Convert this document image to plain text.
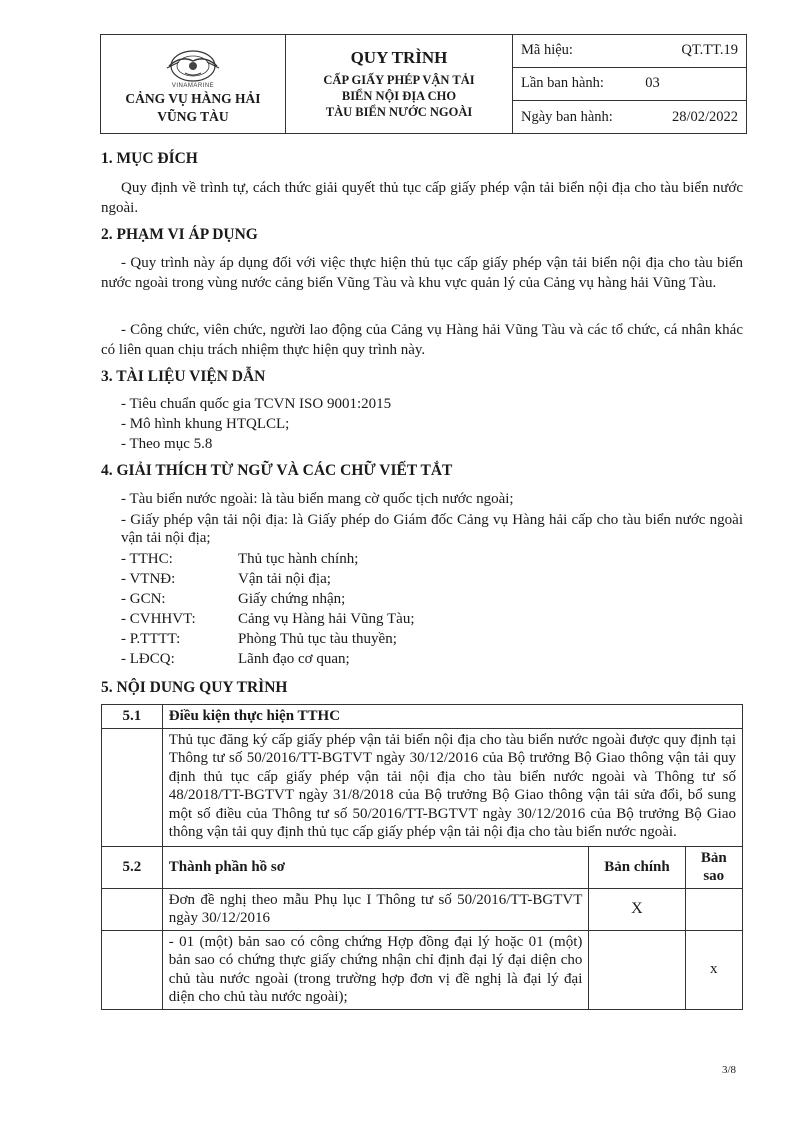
VINAMARINE
CẢNG VỤ HÀNG HẢI
VŨNG TÀU

QUY TRÌNH
CẤP GIẤY PHÉP VẬN TẢI
BIỂN NỘI ĐỊA CHO
TÀU BIỂN NƯỚC NGOÀI

Mã hiệu:	QT.TT.19
Lần ban hành:	03
Ngày ban hành:	28/02/2022
1. MỤC ĐÍCH
Quy định về trình tự, cách thức giải quyết thủ tục cấp giấy phép vận tải biển nội địa cho tàu biển nước ngoài.
2. PHẠM VI ÁP DỤNG
- Quy trình này áp dụng đối với việc thực hiện thủ tục cấp giấy phép vận tải biển nội địa cho tàu biển nước ngoài trong vùng nước cảng biển Vũng Tàu và khu vực quản lý của Cảng vụ hàng hải Vũng Tàu.
- Công chức, viên chức, người lao động của Cảng vụ Hàng hải Vũng Tàu và các tổ chức, cá nhân khác có liên quan chịu trách nhiệm thực hiện quy trình này.
3. TÀI LIỆU VIỆN DẪN
- Tiêu chuẩn quốc gia TCVN ISO 9001:2015
- Mô hình khung HTQLCL;
- Theo mục 5.8
4. GIẢI THÍCH TỪ NGỮ VÀ CÁC CHỮ VIẾT TẮT
- Tàu biển nước ngoài: là tàu biển mang cờ quốc tịch nước ngoài;
- Giấy phép vận tải nội địa: là Giấy phép do Giám đốc Cảng vụ Hàng hải cấp cho tàu biển nước ngoài vận tải nội địa;
- TTHC:	Thủ tục hành chính;
- VTNĐ:	Vận tải nội địa;
- GCN:	Giấy chứng nhận;
- CVHHVT:	Cảng vụ Hàng hải Vũng Tàu;
- P.TTTT:	Phòng Thủ tục tàu thuyền;
- LĐCQ:	Lãnh đạo cơ quan;
5. NỘI DUNG QUY TRÌNH
5.1	Điều kiện thực hiện TTHC		
	Thủ tục đăng ký cấp giấy phép vận tải biển nội địa cho tàu biển nước ngoài được quy định tại Thông tư số 50/2016/TT-BGTVT ngày 30/12/2016 của Bộ trưởng Bộ Giao thông vận tải quy định thủ tục cấp giấy phép vận tải nội địa cho tàu biển nước ngoài và Thông tư số 48/2018/TT-BGTVT ngày 31/8/2018 của Bộ trưởng Bộ Giao thông vận tải sửa đổi, bổ sung một số điều của Thông tư số 50/2016/TT-BGTVT ngày 30/12/2016 của Bộ trưởng Bộ Giao thông vận tải quy định thủ tục cấp giấy phép vận tải nội địa cho tàu biển nước ngoài.		
5.2	Thành phần hồ sơ	Bản chính	Bản sao
	Đơn đề nghị theo mẫu Phụ lục I Thông tư số 50/2016/TT-BGTVT ngày 30/12/2016	X	
	- 01 (một) bản sao có công chứng Hợp đồng đại lý hoặc 01 (một) bản sao có chứng thực giấy chứng nhận chỉ định đại lý đại diện cho chủ tàu nước ngoài (trong trường hợp đơn vị đề nghị là đại lý đại diện cho chủ tàu nước ngoài);		x
3/8
